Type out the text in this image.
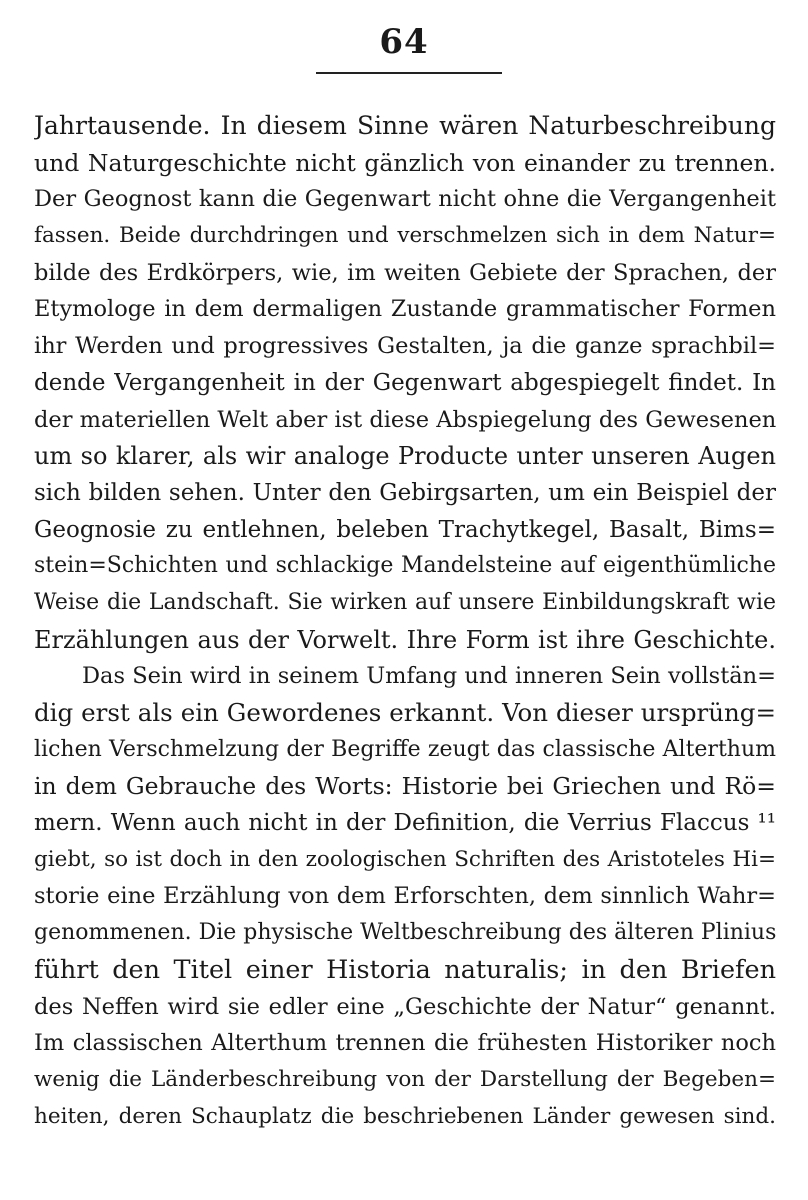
64
Jahrtausende. In diesem Sinne wären Naturbeschreibung
und Naturgeschichte nicht gänzlich von einander zu trennen.
Der Geognost kann die Gegenwart nicht ohne die Vergangenheit
fassen. Beide durchdringen und verschmelzen sich in dem Natur=
bilde des Erdkörpers, wie, im weiten Gebiete der Sprachen, der
Etymologe in dem dermaligen Zustande grammatischer Formen
ihr Werden und progressives Gestalten, ja die ganze sprachbil=
dende Vergangenheit in der Gegenwart abgespiegelt findet. In
der materiellen Welt aber ist diese Abspiegelung des Gewesenen
um so klarer, als wir analoge Producte unter unseren Augen
sich bilden sehen. Unter den Gebirgsarten, um ein Beispiel der
Geognosie zu entlehnen, beleben Trachytkegel, Basalt, Bims=
stein=Schichten und schlackige Mandelsteine auf eigenthümliche
Weise die Landschaft. Sie wirken auf unsere Einbildungskraft wie
Erzählungen aus der Vorwelt. Ihre Form ist ihre Geschichte.
Das Sein wird in seinem Umfang und inneren Sein vollstän=
dig erst als ein Gewordenes erkannt. Von dieser ursprüng=
lichen Verschmelzung der Begriffe zeugt das classische Alterthum
in dem Gebrauche des Worts: Historie bei Griechen und Rö=
mern. Wenn auch nicht in der Definition, die Verrius Flaccus ¹¹
giebt, so ist doch in den zoologischen Schriften des Aristoteles Hi=
storie eine Erzählung von dem Erforschten, dem sinnlich Wahr=
genommenen. Die physische Weltbeschreibung des älteren Plinius
führt den Titel einer Historia naturalis; in den Briefen
des Neffen wird sie edler eine „Geschichte der Natur“ genannt.
Im classischen Alterthum trennen die frühesten Historiker noch
wenig die Länderbeschreibung von der Darstellung der Begeben=
heiten, deren Schauplatz die beschriebenen Länder gewesen sind.
